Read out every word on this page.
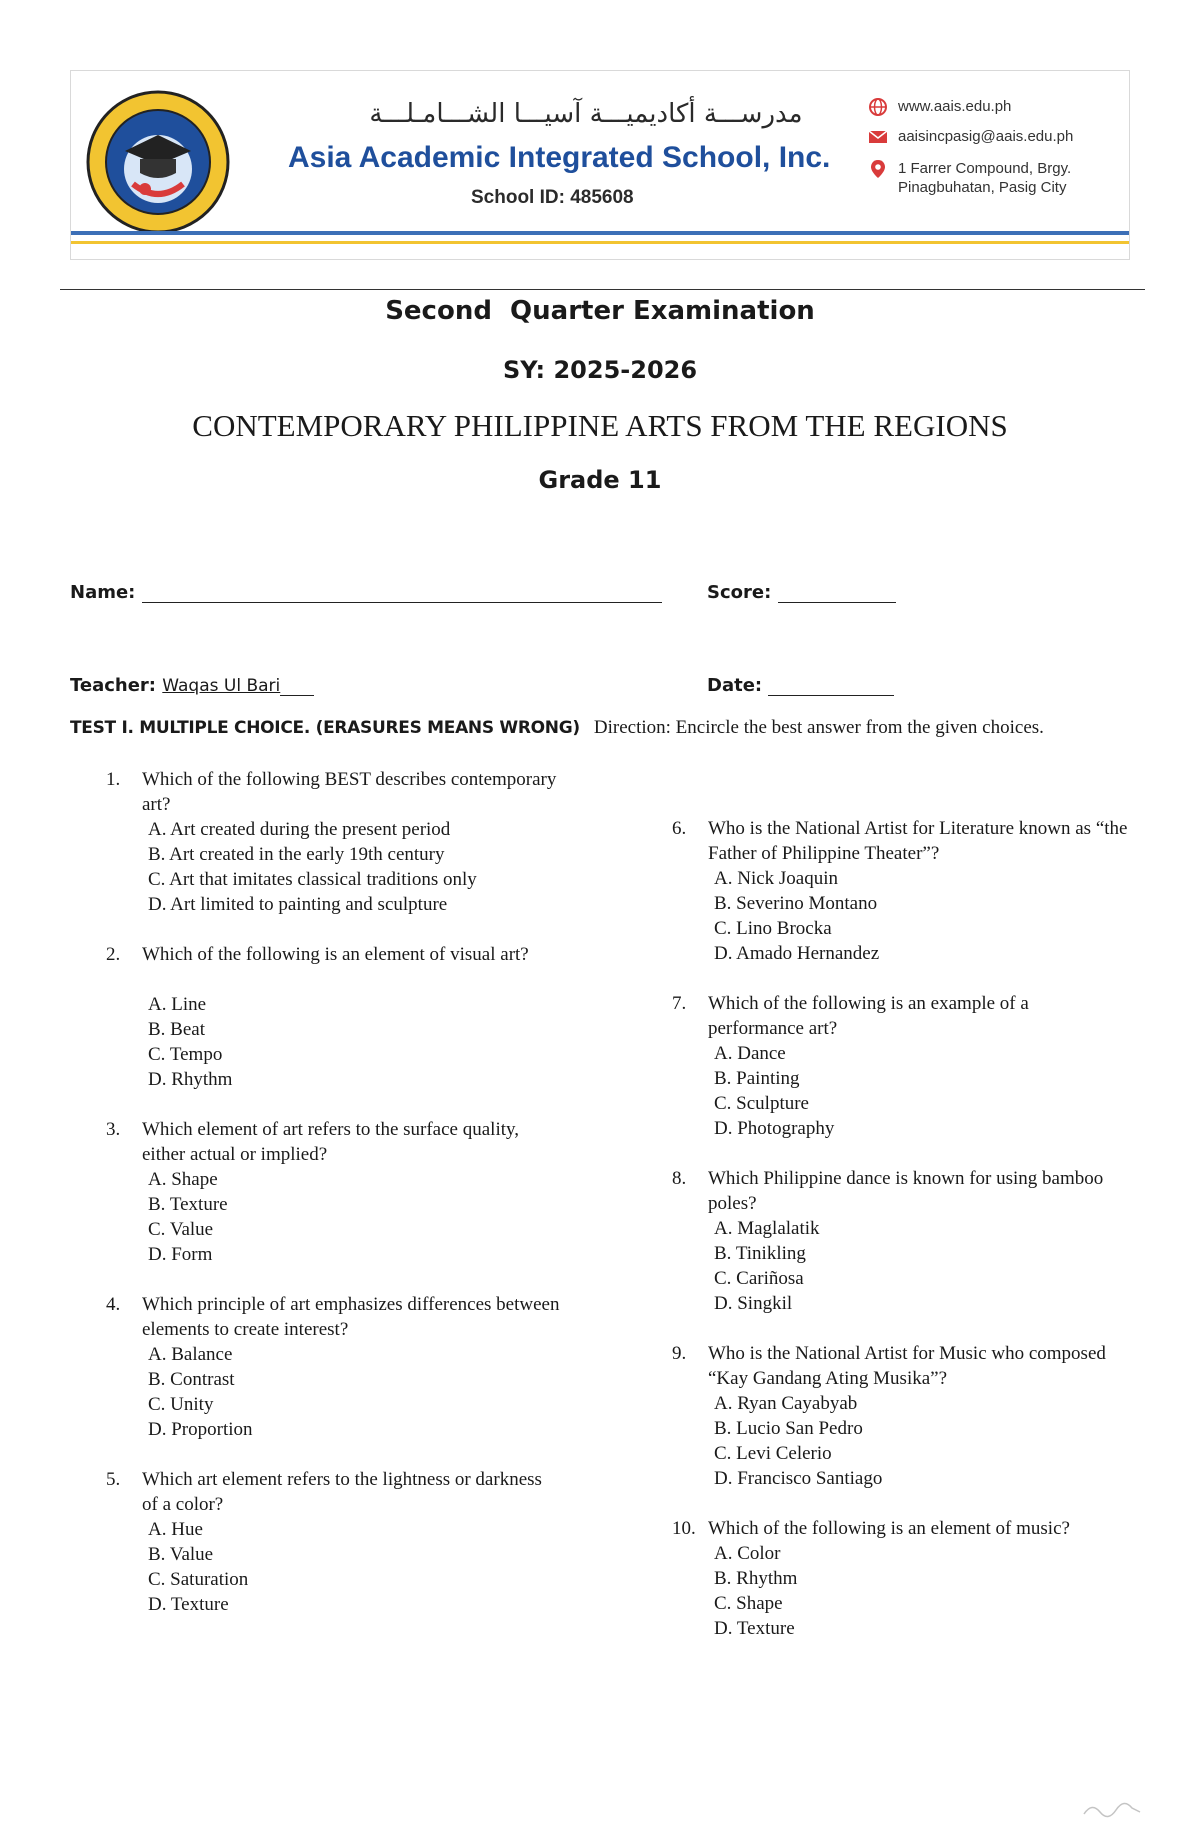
مدرســـة أكاديميـــة آسيـــا الشـــامـلـــة
Asia Academic Integrated School, Inc.
School ID: 485608
www.aais.edu.ph
aaisincpasig@aais.edu.ph
1 Farrer Compound, Brgy.
Pinagbuhatan, Pasig City
Second  Quarter Examination
SY: 2025-2026
CONTEMPORARY PHILIPPINE ARTS FROM THE REGIONS
Grade 11
Name:	Score:
Teacher: Waqas Ul Bari	Date:
TEST I. MULTIPLE CHOICE. (ERASURES MEANS WRONG) Direction: Encircle the best answer from the given choices.
1.	Which of the following BEST describes contemporary art?
A. Art created during the present period
B. Art created in the early 19th century
C. Art that imitates classical traditions only
D. Art limited to painting and sculpture
2.	Which of the following is an element of visual art?
A. Line
B. Beat
C. Tempo
D. Rhythm
3.	Which element of art refers to the surface quality, either actual or implied?
A. Shape
B. Texture
C. Value
D. Form
4.	Which principle of art emphasizes differences between elements to create interest?
A. Balance
B. Contrast
C. Unity
D. Proportion
5.	Which art element refers to the lightness or darkness of a color?
A. Hue
B. Value
C. Saturation
D. Texture
6.	Who is the National Artist for Literature known as “the Father of Philippine Theater”?
A. Nick Joaquin
B. Severino Montano
C. Lino Brocka
D. Amado Hernandez
7.	Which of the following is an example of a performance art?
A. Dance
B. Painting
C. Sculpture
D. Photography
8.	Which Philippine dance is known for using bamboo poles?
A. Maglalatik
B. Tinikling
C. Cariñosa
D. Singkil
9.	Who is the National Artist for Music who composed “Kay Gandang Ating Musika”?
A. Ryan Cayabyab
B. Lucio San Pedro
C. Levi Celerio
D. Francisco Santiago
10. Which of the following is an element of music?
A. Color
B. Rhythm
C. Shape
D. Texture
